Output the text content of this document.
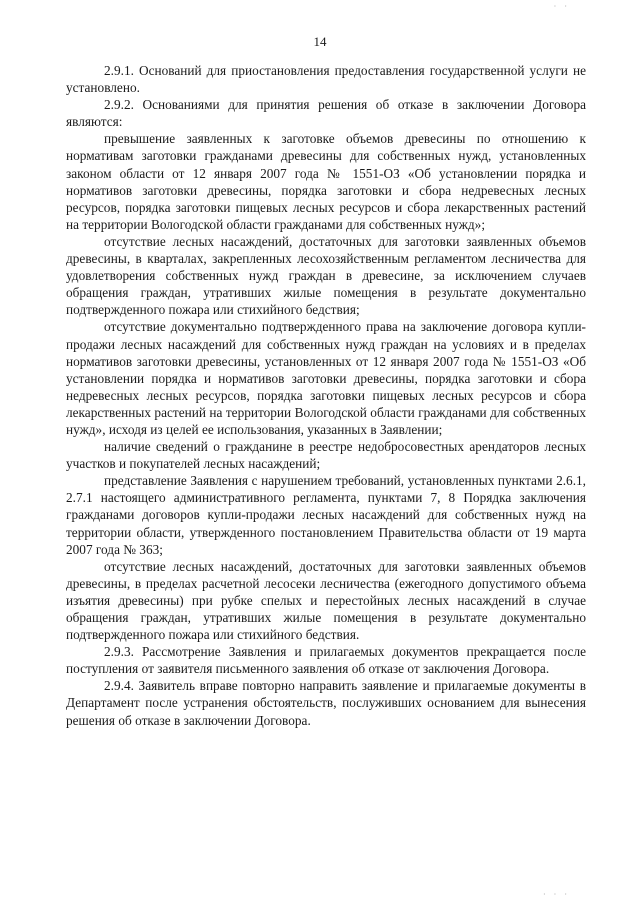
· ·
14

2.9.1. Оснований для приостановления предоставления государственной услуги не установлено.

2.9.2. Основаниями для принятия решения об отказе в заключении Договора являются:

превышение заявленных к заготовке объемов древесины по отношению к нормативам заготовки гражданами древесины для собственных нужд, установленных законом области от 12 января 2007 года № 1551-ОЗ «Об установлении порядка и нормативов заготовки древесины, порядка заготовки и сбора недревесных лесных ресурсов, порядка заготовки пищевых лесных ресурсов и сбора лекарственных растений на территории Вологодской области гражданами для собственных нужд»;

отсутствие лесных насаждений, достаточных для заготовки заявленных объемов древесины, в кварталах, закрепленных лесохозяйственным регламентом лесничества для удовлетворения собственных нужд граждан в древесине, за исключением случаев обращения граждан, утративших жилые помещения в результате документально подтвержденного пожара или стихийного бедствия;

отсутствие документально подтвержденного права на заключение договора купли-продажи лесных насаждений для собственных нужд граждан на условиях и в пределах нормативов заготовки древесины, установленных от 12 января 2007 года № 1551-ОЗ «Об установлении порядка и нормативов заготовки древесины, порядка заготовки и сбора недревесных лесных ресурсов, порядка заготовки пищевых лесных ресурсов и сбора лекарственных растений на территории Вологодской области гражданами для собственных нужд», исходя из целей ее использования, указанных в Заявлении;

наличие сведений о гражданине в реестре недобросовестных арендаторов лесных участков и покупателей лесных насаждений;

представление Заявления с нарушением требований, установленных пунктами 2.6.1, 2.7.1 настоящего административного регламента, пунктами 7, 8 Порядка заключения гражданами договоров купли-продажи лесных насаждений для собственных нужд на территории области, утвержденного постановлением Правительства области от 19 марта 2007 года № 363;

отсутствие лесных насаждений, достаточных для заготовки заявленных объемов древесины, в пределах расчетной лесосеки лесничества (ежегодного допустимого объема изъятия древесины) при рубке спелых и перестойных лесных насаждений в случае обращения граждан, утративших жилые помещения в результате документально подтвержденного пожара или стихийного бедствия.

2.9.3. Рассмотрение Заявления и прилагаемых документов прекращается после поступления от заявителя письменного заявления об отказе от заключения Договора.

2.9.4. Заявитель вправе повторно направить заявление и прилагаемые документы в Департамент после устранения обстоятельств, послуживших основанием для вынесения решения об отказе в заключении Договора.

· · ·
